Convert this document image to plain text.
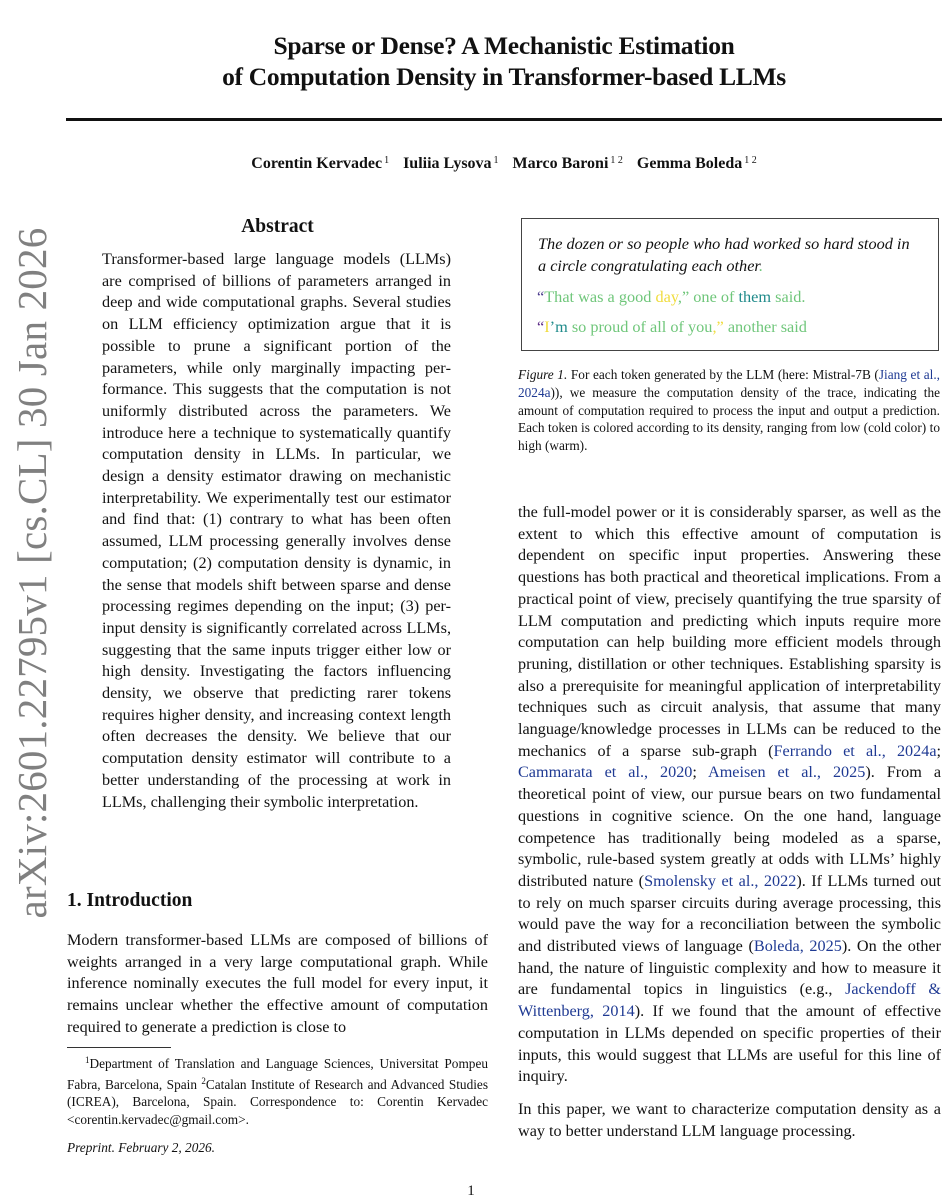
arXiv:2601.22795v1 [cs.CL] 30 Jan 2026
Sparse or Dense? A Mechanistic Estimation
of Computation Density in Transformer-based LLMs
Corentin Kervadec $^1$ Iuliia Lysova $^1$ Marco Baroni $^{1 2}$ Gemma Boleda $^{1 2}$
Abstract
Transformer-based large language models (LLMs) are comprised of billions of parameters arranged in deep and wide computational graphs. Several studies on LLM efficiency optimization argue that it is possible to prune a significant portion of the parameters, while only marginally impacting performance. This suggests that the computation is not uniformly distributed across the parameters. We introduce here a technique to systematically quantify computation density in LLMs. In particular, we design a density estimator drawing on mechanistic interpretability. We experimentally test our estimator and find that: (1) contrary to what has been often assumed, LLM processing generally involves dense computation; (2) computation density is dynamic, in the sense that models shift between sparse and dense processing regimes depending on the input; (3) per-input density is significantly correlated across LLMs, suggesting that the same inputs trigger either low or high density. Investigating the factors influencing density, we observe that predicting rarer tokens requires higher density, and increasing context length often decreases the density. We believe that our computation density estimator will contribute to a better understanding of the processing at work in LLMs, challenging their symbolic interpretation.
The dozen or so people who had worked so hard stood in a circle congratulating each other.
“That was a good day,” one of them said.
“I’m so proud of all of you,” another said
Figure 1. For each token generated by the LLM (here: Mistral-7B (Jiang et al., 2024a)), we measure the computation density of the trace, indicating the amount of computation required to process the input and output a prediction. Each token is colored according to its density, ranging from low (cold color) to high (warm).
1. Introduction
Modern transformer-based LLMs are composed of billions of weights arranged in a very large computational graph. While inference nominally executes the full model for every input, it remains unclear whether the effective amount of computation required to generate a prediction is close to
$^1$Department of Translation and Language Sciences, Universitat Pompeu Fabra, Barcelona, Spain $^2$Catalan Institute of Research and Advanced Studies (ICREA), Barcelona, Spain. Correspondence to: Corentin Kervadec <corentin.kervadec@gmail.com>.
Preprint. February 2, 2026.

the full-model power or it is considerably sparser, as well as the extent to which this effective amount of computation is dependent on specific input properties. Answering these questions has both practical and theoretical implications. From a practical point of view, precisely quantifying the true sparsity of LLM computation and predicting which inputs require more computation can help building more efficient models through pruning, distillation or other techniques. Establishing sparsity is also a prerequisite for meaningful application of interpretability techniques such as circuit analysis, that assume that many language/knowledge processes in LLMs can be reduced to the mechanics of a sparse sub-graph (Ferrando et al., 2024a; Cammarata et al., 2020; Ameisen et al., 2025). From a theoretical point of view, our pursue bears on two fundamental questions in cognitive science. On the one hand, language competence has traditionally being modeled as a sparse, symbolic, rule-based system greatly at odds with LLMs’ highly distributed nature (Smolensky et al., 2022). If LLMs turned out to rely on much sparser circuits during average processing, this would pave the way for a reconciliation between the symbolic and distributed views of language (Boleda, 2025). On the other hand, the nature of linguistic complexity and how to measure it are fundamental topics in linguistics (e.g., Jackendoff & Wittenberg, 2014). If we found that the amount of effective computation in LLMs depended on specific properties of their inputs, this would suggest that LLMs are useful for this line of inquiry.

In this paper, we want to characterize computation density as a way to better understand LLM language processing.

1
